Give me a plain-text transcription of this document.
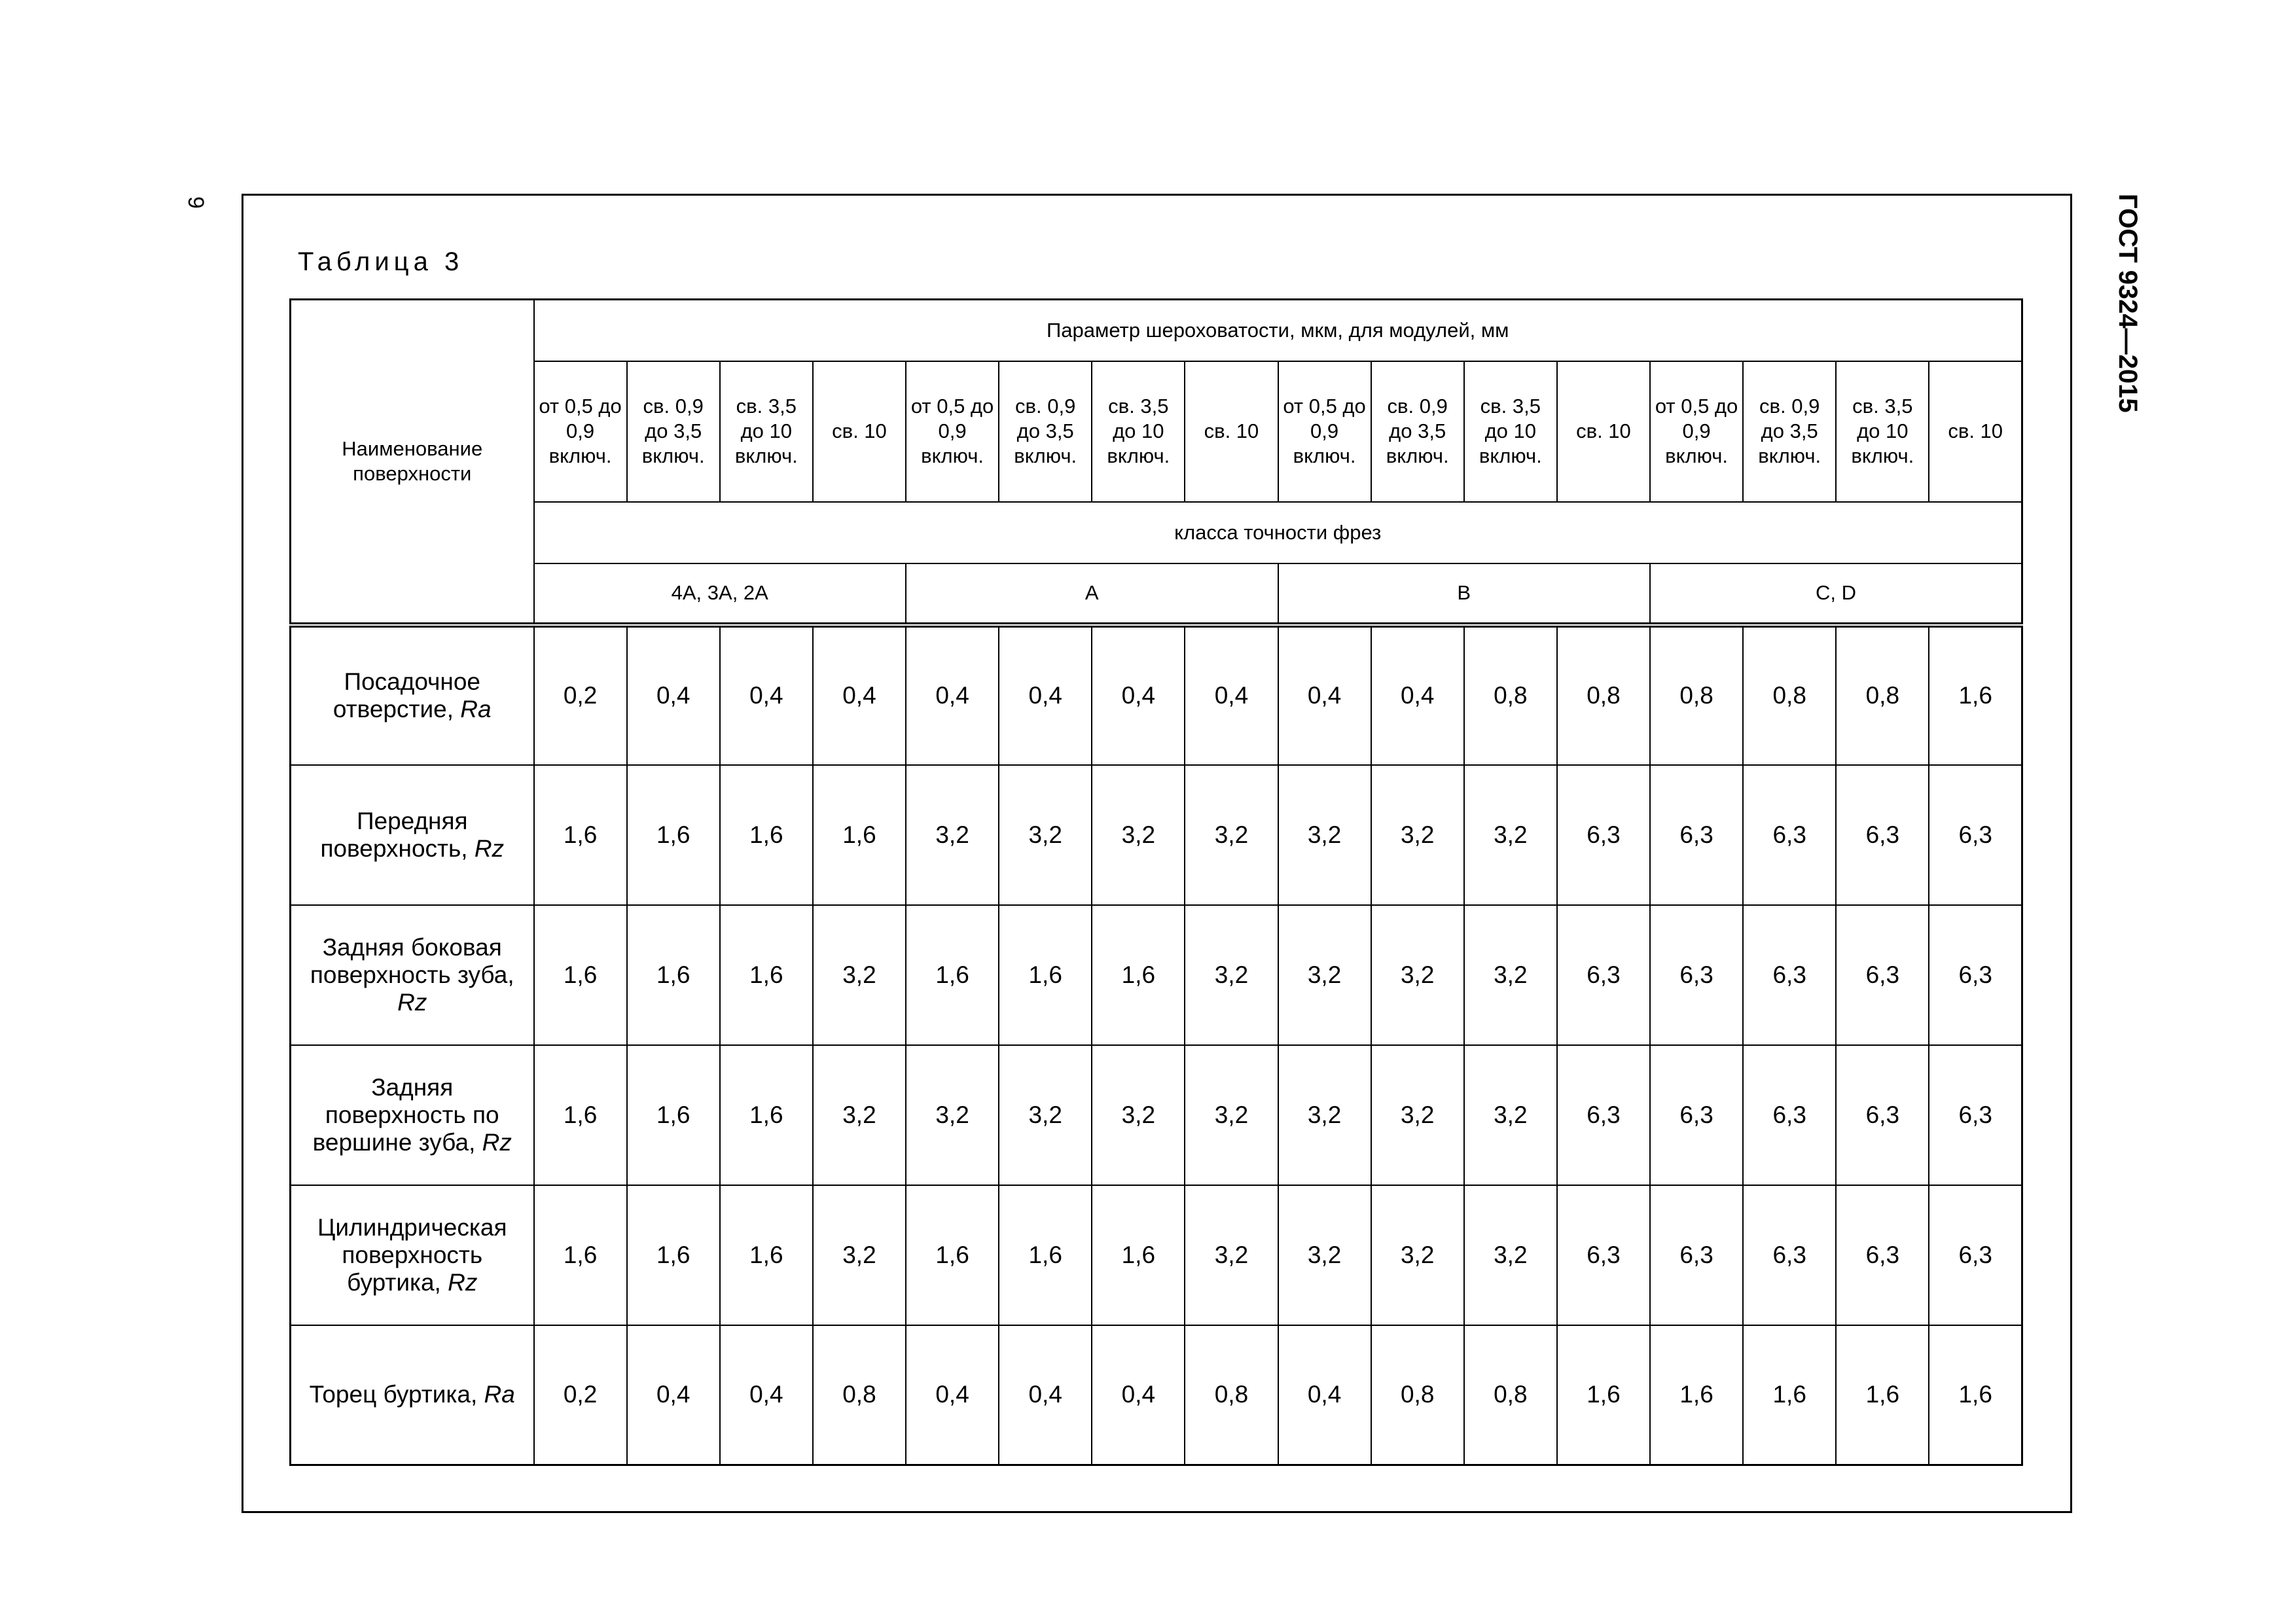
9	ГОСТ 9324—2015
Таблица 3
Наименование поверхности	Параметр шероховатости, мкм, для модулей, мм															
	от 0,5 до 0,9 включ.	св. 0,9 до 3,5 включ.	св. 3,5 до 10 включ.	св. 10	от 0,5 до 0,9 включ.	св. 0,9 до 3,5 включ.	св. 3,5 до 10 включ.	св. 10	от 0,5 до 0,9 включ.	св. 0,9 до 3,5 включ.	св. 3,5 до 10 включ.	св. 10	от 0,5 до 0,9 включ.	св. 0,9 до 3,5 включ.	св. 3,5 до 10 включ.	св. 10
	класса точности фрез															
	4А, 3А, 2А				А				В				С, D			
Посадочное отверстие, Ra	0,2	0,4	0,4	0,4	0,4	0,4	0,4	0,4	0,4	0,4	0,8	0,8	0,8	0,8	0,8	1,6
Передняя поверхность, Rz	1,6	1,6	1,6	1,6	3,2	3,2	3,2	3,2	3,2	3,2	3,2	6,3	6,3	6,3	6,3	6,3
Задняя боковая поверхность зуба, Rz	1,6	1,6	1,6	3,2	1,6	1,6	1,6	3,2	3,2	3,2	3,2	6,3	6,3	6,3	6,3	6,3
Задняя поверхность по вершине зуба, Rz	1,6	1,6	1,6	3,2	3,2	3,2	3,2	3,2	3,2	3,2	3,2	6,3	6,3	6,3	6,3	6,3
Цилиндрическая поверхность буртика, Rz	1,6	1,6	1,6	3,2	1,6	1,6	1,6	3,2	3,2	3,2	3,2	6,3	6,3	6,3	6,3	6,3
Торец буртика, Ra	0,2	0,4	0,4	0,8	0,4	0,4	0,4	0,8	0,4	0,8	0,8	1,6	1,6	1,6	1,6	1,6
